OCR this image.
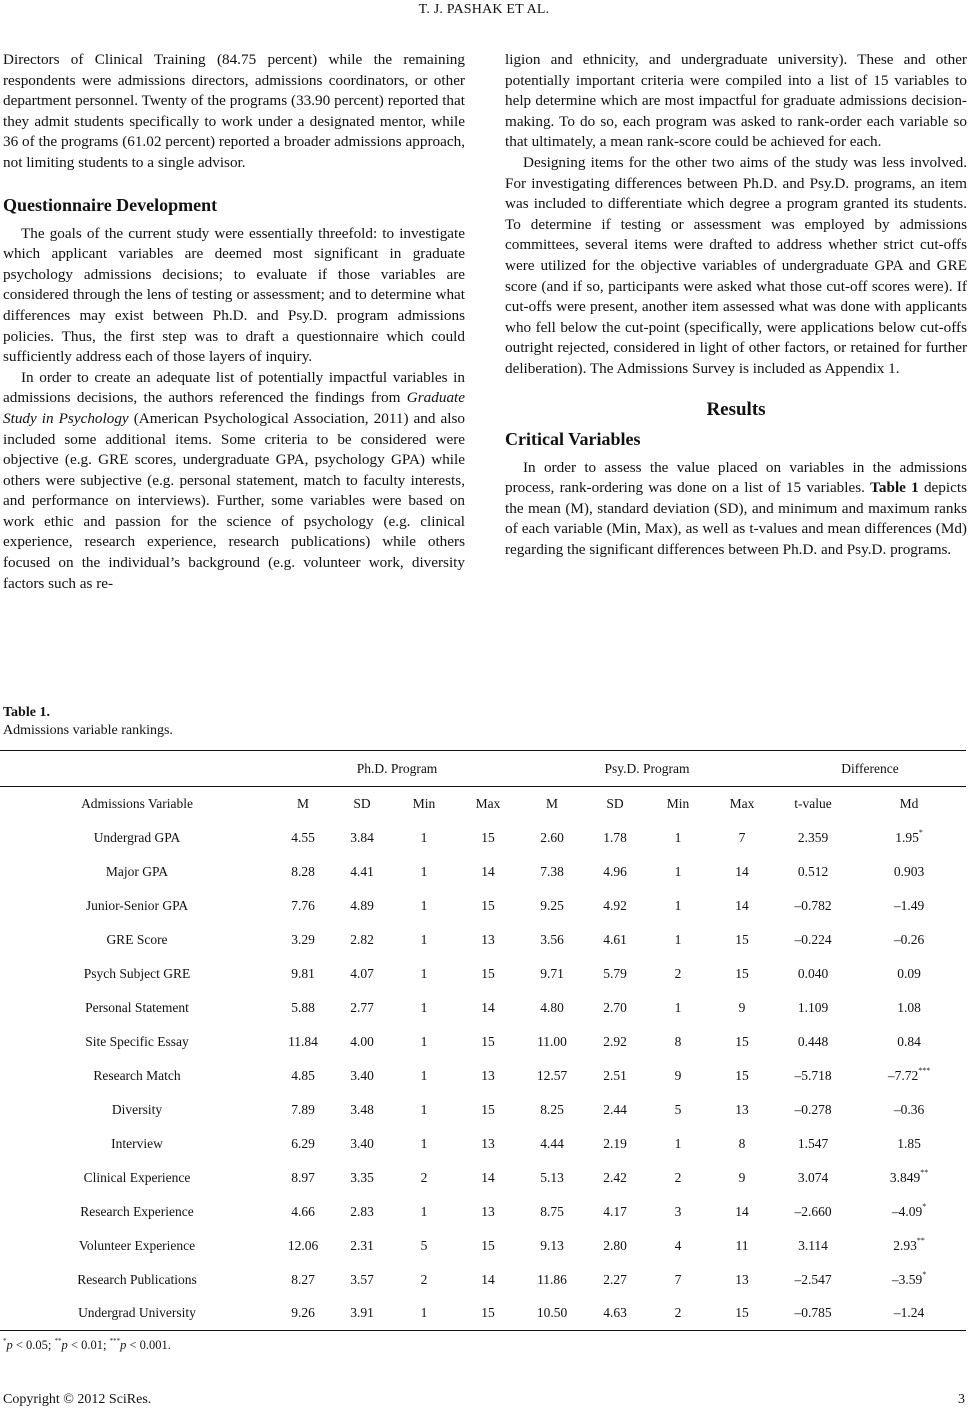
T. J. PASHAK ET AL.

Directors of Clinical Training (84.75 percent) while the remaining respondents were admissions directors, admissions coordinators, or other department personnel. Twenty of the programs (33.90 percent) reported that they admit students specifically to work under a designated mentor, while 36 of the programs (61.02 percent) reported a broader admissions approach, not limiting students to a single advisor.

Questionnaire Development

The goals of the current study were essentially threefold: to investigate which applicant variables are deemed most significant in graduate psychology admissions decisions; to evaluate if those variables are considered through the lens of testing or assessment; and to determine what differences may exist between Ph.D. and Psy.D. program admissions policies. Thus, the first step was to draft a questionnaire which could sufficiently address each of those layers of inquiry.

In order to create an adequate list of potentially impactful variables in admissions decisions, the authors referenced the findings from Graduate Study in Psychology (American Psychological Association, 2011) and also included some additional items. Some criteria to be considered were objective (e.g. GRE scores, undergraduate GPA, psychology GPA) while others were subjective (e.g. personal statement, match to faculty interests, and performance on interviews). Further, some variables were based on work ethic and passion for the science of psychology (e.g. clinical experience, research experience, research publications) while others focused on the individual’s background (e.g. volunteer work, diversity factors such as re-

ligion and ethnicity, and undergraduate university). These and other potentially important criteria were compiled into a list of 15 variables to help determine which are most impactful for graduate admissions decision-making. To do so, each program was asked to rank-order each variable so that ultimately, a mean rank-score could be achieved for each.

Designing items for the other two aims of the study was less involved. For investigating differences between Ph.D. and Psy.D. programs, an item was included to differentiate which degree a program granted its students. To determine if testing or assessment was employed by admissions committees, several items were drafted to address whether strict cut-offs were utilized for the objective variables of undergraduate GPA and GRE score (and if so, participants were asked what those cut-off scores were). If cut-offs were present, another item assessed what was done with applicants who fell below the cut-point (specifically, were applications below cut-offs outright rejected, considered in light of other factors, or retained for further deliberation). The Admissions Survey is included as Appendix 1.

Results
Critical Variables

In order to assess the value placed on variables in the admissions process, rank-ordering was done on a list of 15 variables. Table 1 depicts the mean (M), standard deviation (SD), and minimum and maximum ranks of each variable (Min, Max), as well as t-values and mean differences (Md) regarding the significant differences between Ph.D. and Psy.D. programs.

Table 1.
Admissions variable rankings.
	Ph.D. Program				Psy.D. Program				Difference	
Admissions Variable	M	SD	Min	Max	M	SD	Min	Max	t-value	Md
Undergrad GPA	4.55	3.84	1	15	2.60	1.78	1	7	2.359	1.95*
Major GPA	8.28	4.41	1	14	7.38	4.96	1	14	0.512	0.903
Junior-Senior GPA	7.76	4.89	1	15	9.25	4.92	1	14	–0.782	–1.49
GRE Score	3.29	2.82	1	13	3.56	4.61	1	15	–0.224	–0.26
Psych Subject GRE	9.81	4.07	1	15	9.71	5.79	2	15	0.040	0.09
Personal Statement	5.88	2.77	1	14	4.80	2.70	1	9	1.109	1.08
Site Specific Essay	11.84	4.00	1	15	11.00	2.92	8	15	0.448	0.84
Research Match	4.85	3.40	1	13	12.57	2.51	9	15	–5.718	–7.72***
Diversity	7.89	3.48	1	15	8.25	2.44	5	13	–0.278	–0.36
Interview	6.29	3.40	1	13	4.44	2.19	1	8	1.547	1.85
Clinical Experience	8.97	3.35	2	14	5.13	2.42	2	9	3.074	3.849**
Research Experience	4.66	2.83	1	13	8.75	4.17	3	14	–2.660	–4.09*
Volunteer Experience	12.06	2.31	5	15	9.13	2.80	4	11	3.114	2.93**
Research Publications	8.27	3.57	2	14	11.86	2.27	7	13	–2.547	–3.59*
Undergrad University	9.26	3.91	1	15	10.50	4.63	2	15	–0.785	–1.24
*p < 0.05; **p < 0.01; ***p < 0.001.
Copyright © 2012 SciRes.	3
